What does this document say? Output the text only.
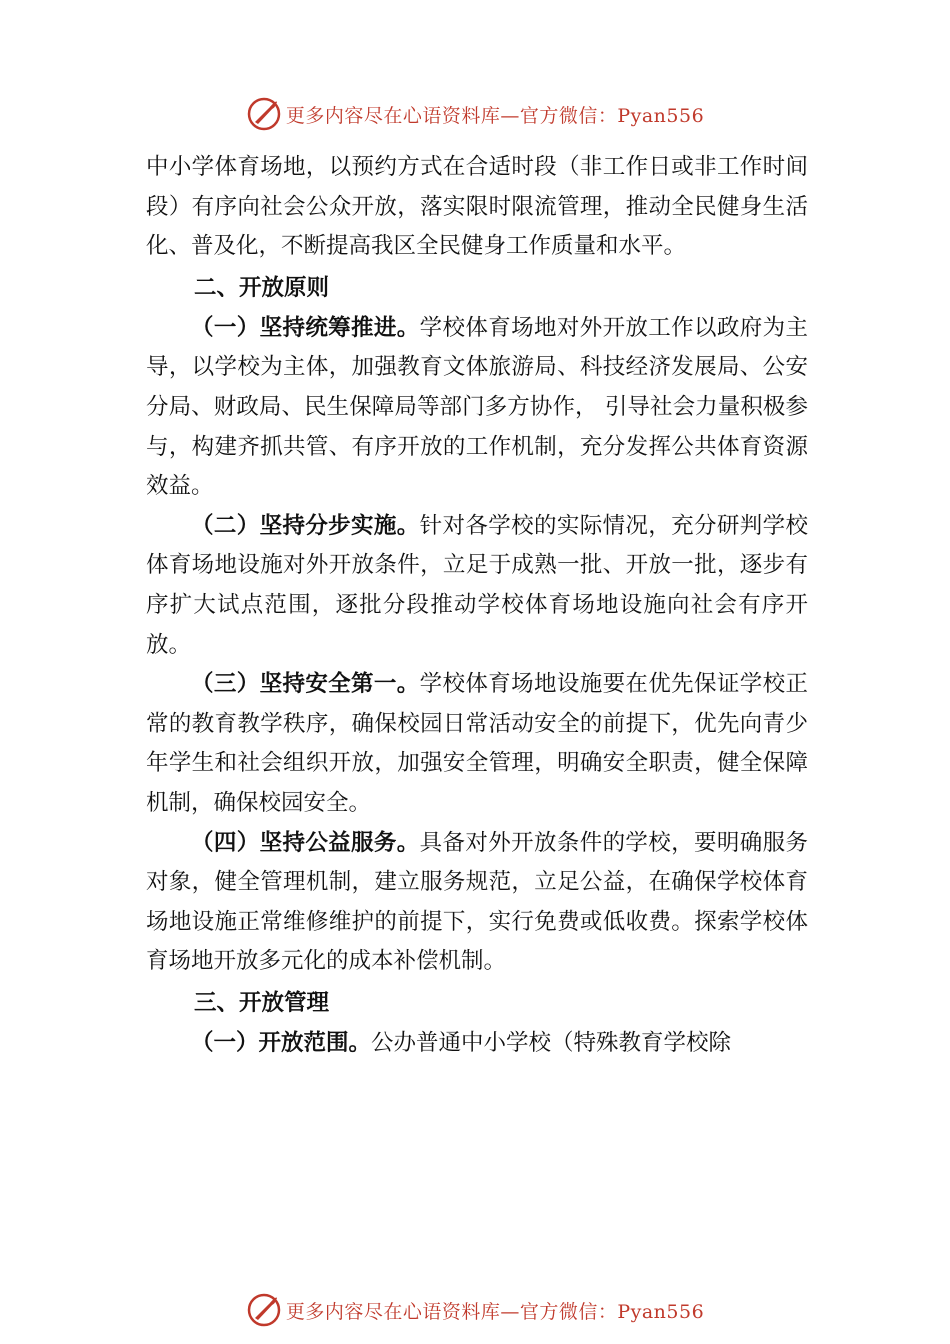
更多内容尽在心语资料库—官方微信：Pyan556

中小学体育场地，以预约方式在合适时段（非工作日或非工作时间段）有序向社会公众开放，落实限时限流管理，推动全民健身生活化、普及化，不断提高我区全民健身工作质量和水平。

二、开放原则

（一）坚持统筹推进。学校体育场地对外开放工作以政府为主导，以学校为主体，加强教育文体旅游局、科技经济发展局、公安分局、财政局、民生保障局等部门多方协作， 引导社会力量积极参与，构建齐抓共管、有序开放的工作机制，充分发挥公共体育资源效益。

（二）坚持分步实施。针对各学校的实际情况，充分研判学校体育场地设施对外开放条件，立足于成熟一批、开放一批，逐步有序扩大试点范围，逐批分段推动学校体育场地设施向社会有序开放。

（三）坚持安全第一。学校体育场地设施要在优先保证学校正常的教育教学秩序，确保校园日常活动安全的前提下，优先向青少年学生和社会组织开放，加强安全管理，明确安全职责，健全保障机制，确保校园安全。

（四）坚持公益服务。具备对外开放条件的学校，要明确服务对象，健全管理机制，建立服务规范，立足公益，在确保学校体育场地设施正常维修维护的前提下，实行免费或低收费。探索学校体育场地开放多元化的成本补偿机制。

三、开放管理

（一）开放范围。公办普通中小学校（特殊教育学校除

更多内容尽在心语资料库—官方微信：Pyan556
